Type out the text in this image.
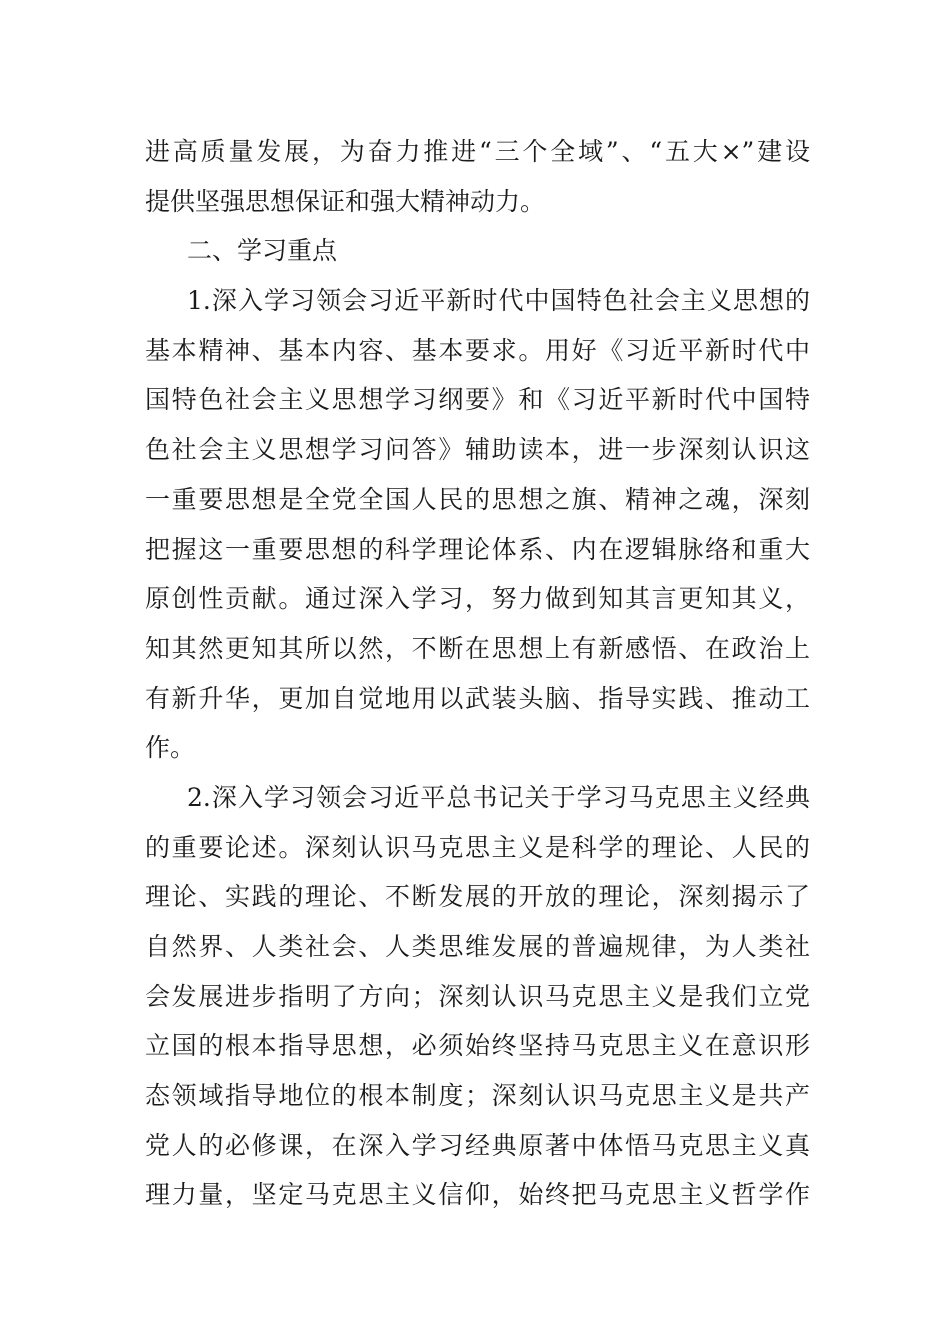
进高质量发展，为奋力推进“三个全域”、“五大×”建设
提供坚强思想保证和强大精神动力。
二、学习重点
1.深入学习领会习近平新时代中国特色社会主义思想的
基本精神、基本内容、基本要求。用好《习近平新时代中
国特色社会主义思想学习纲要》和《习近平新时代中国特
色社会主义思想学习问答》辅助读本，进一步深刻认识这
一重要思想是全党全国人民的思想之旗、精神之魂，深刻
把握这一重要思想的科学理论体系、内在逻辑脉络和重大
原创性贡献。通过深入学习，努力做到知其言更知其义，
知其然更知其所以然，不断在思想上有新感悟、在政治上
有新升华，更加自觉地用以武装头脑、指导实践、推动工
作。
2.深入学习领会习近平总书记关于学习马克思主义经典
的重要论述。深刻认识马克思主义是科学的理论、人民的
理论、实践的理论、不断发展的开放的理论，深刻揭示了
自然界、人类社会、人类思维发展的普遍规律，为人类社
会发展进步指明了方向；深刻认识马克思主义是我们立党
立国的根本指导思想，必须始终坚持马克思主义在意识形
态领域指导地位的根本制度；深刻认识马克思主义是共产
党人的必修课，在深入学习经典原著中体悟马克思主义真
理力量，坚定马克思主义信仰，始终把马克思主义哲学作
